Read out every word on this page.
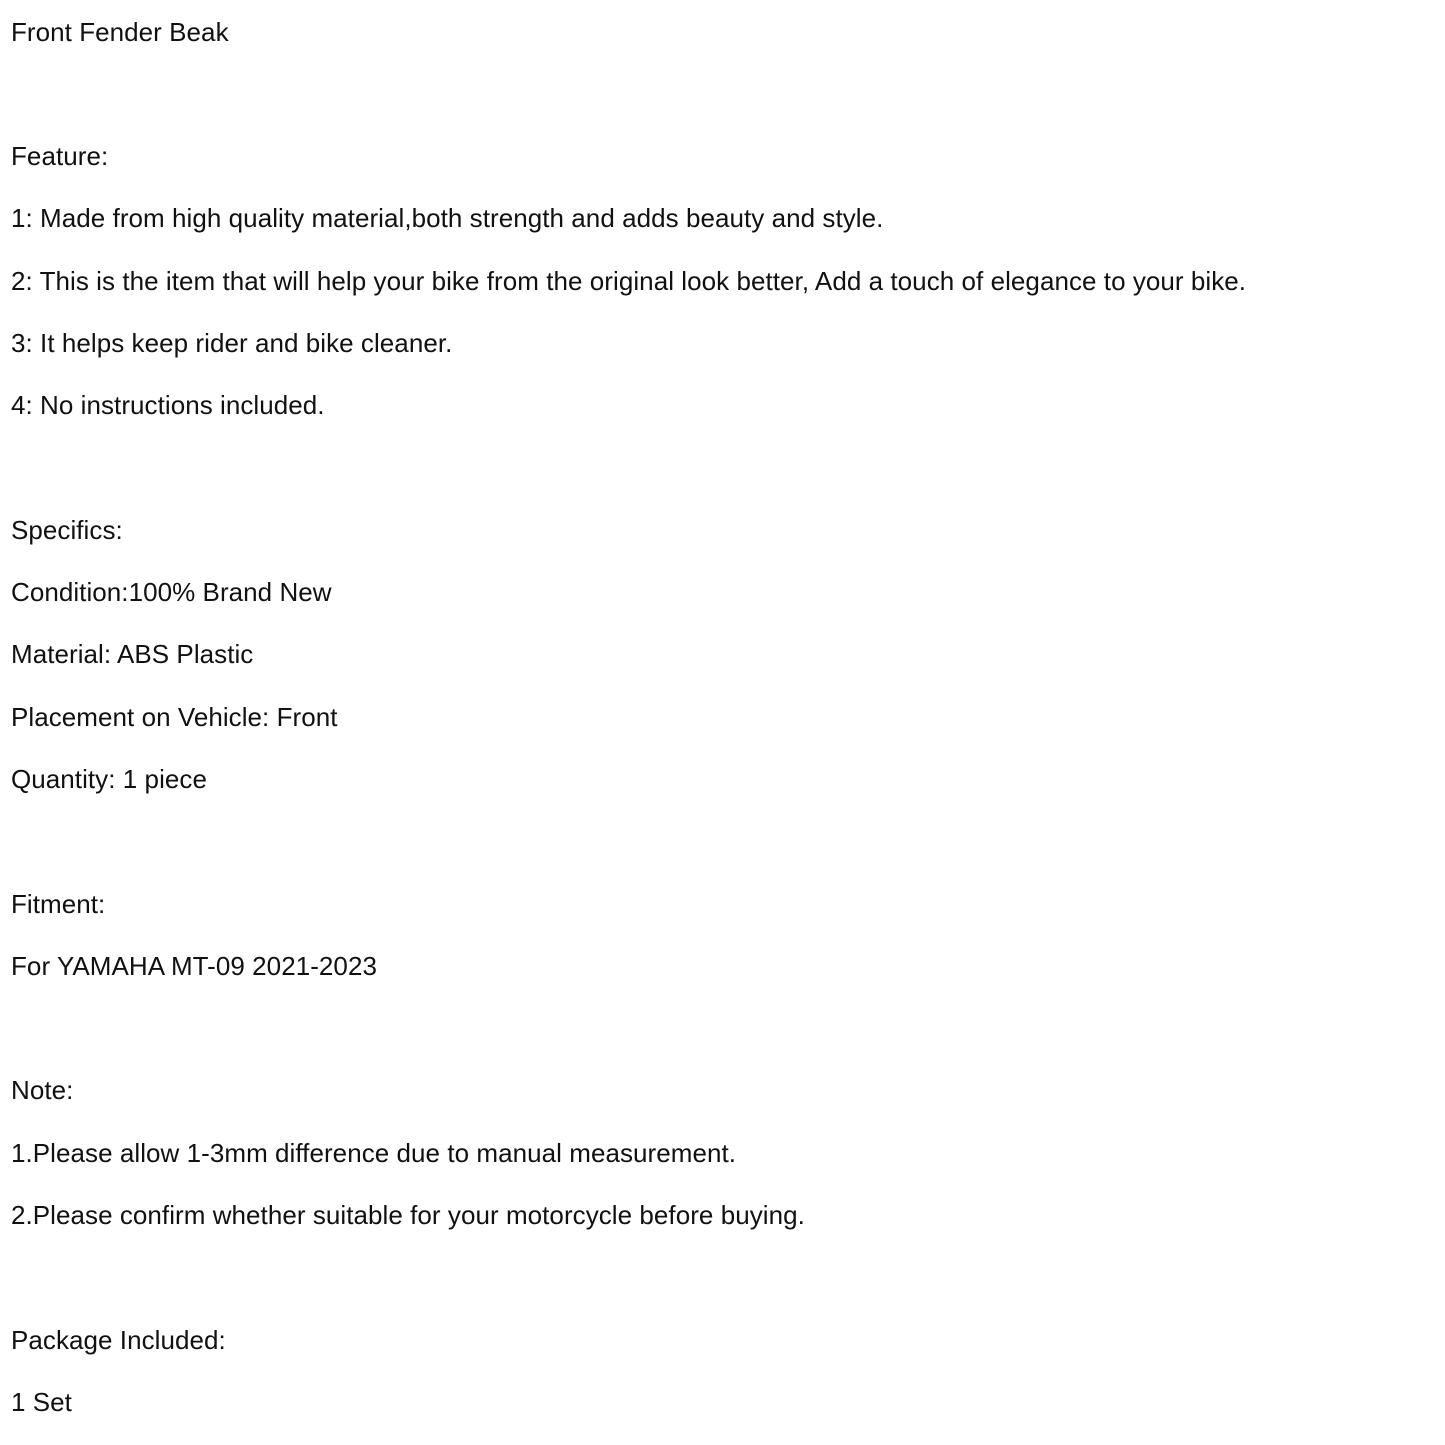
Front Fender Beak
Feature:
1: Made from high quality material,both strength and adds beauty and style.
2: This is the item that will help your bike from the original look better, Add a touch of elegance to your bike.
3: It helps keep rider and bike cleaner.
4: No instructions included.
Specifics:
Condition:100% Brand New
Material: ABS Plastic
Placement on Vehicle: Front
Quantity: 1 piece
Fitment:
For YAMAHA MT-09 2021-2023
Note:
1.Please allow 1-3mm difference due to manual measurement.
2.Please confirm whether suitable for your motorcycle before buying.
Package Included:
1 Set
